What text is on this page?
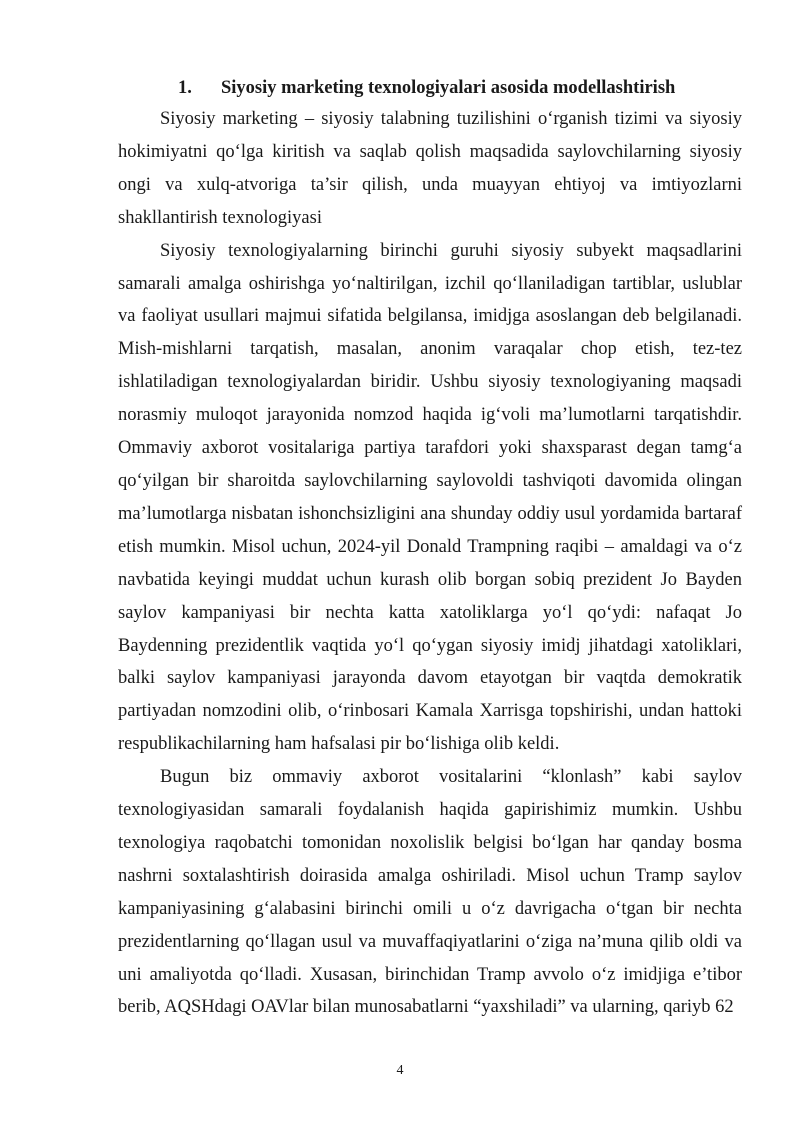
1. Siyosiy marketing texnologiyalari asosida modellashtirish

Siyosiy marketing – siyosiy talabning tuzilishini o‘rganish tizimi va siyosiy hokimiyatni qo‘lga kiritish va saqlab qolish maqsadida saylovchilarning siyosiy ongi va xulq-atvoriga ta’sir qilish, unda muayyan ehtiyoj va imtiyozlarni shakllantirish texnologiyasi

Siyosiy texnologiyalarning birinchi guruhi siyosiy subyekt maqsadlarini samarali amalga oshirishga yo‘naltirilgan, izchil qo‘llaniladigan tartiblar, uslublar va faoliyat usullari majmui sifatida belgilansa, imidjga asoslangan deb belgilanadi. Mish-mishlarni tarqatish, masalan, anonim varaqalar chop etish, tez-tez ishlatiladigan texnologiyalardan biridir. Ushbu siyosiy texnologiyaning maqsadi norasmiy muloqot jarayonida nomzod haqida ig‘voli ma’lumotlarni tarqatishdir. Ommaviy axborot vositalariga partiya tarafdori yoki shaxsparast degan tamg‘a qo‘yilgan bir sharoitda saylovchilarning saylovoldi tashviqoti davomida olingan ma’lumotlarga nisbatan ishonchsizligini ana shunday oddiy usul yordamida bartaraf etish mumkin. Misol uchun, 2024-yil Donald Trampning raqibi – amaldagi va o‘z navbatida keyingi muddat uchun kurash olib borgan sobiq prezident Jo Bayden saylov kampaniyasi bir nechta katta xatoliklarga yo‘l qo‘ydi: nafaqat Jo Baydenning prezidentlik vaqtida yo‘l qo‘ygan siyosiy imidj jihatdagi xatoliklari, balki saylov kampaniyasi jarayonda davom etayotgan bir vaqtda demokratik partiyadan nomzodini olib, o‘rinbosari Kamala Xarrisga topshirishi, undan hattoki respublikachilarning ham hafsalasi pir bo‘lishiga olib keldi.

Bugun biz ommaviy axborot vositalarini “klonlash” kabi saylov texnologiyasidan samarali foydalanish haqida gapirishimiz mumkin. Ushbu texnologiya raqobatchi tomonidan noxolislik belgisi bo‘lgan har qanday bosma nashrni soxtalashtirish doirasida amalga oshiriladi. Misol uchun Tramp saylov kampaniyasining g‘alabasini birinchi omili u o‘z davrigacha o‘tgan bir nechta prezidentlarning qo‘llagan usul va muvaffaqiyatlarini o‘ziga na’muna qilib oldi va uni amaliyotda qo‘lladi. Xusasan, birinchidan Tramp avvolo o‘z imidjiga e’tibor berib, AQSHdagi OAVlar bilan munosabatlarni “yaxshiladi” va ularning, qariyb 62

4
